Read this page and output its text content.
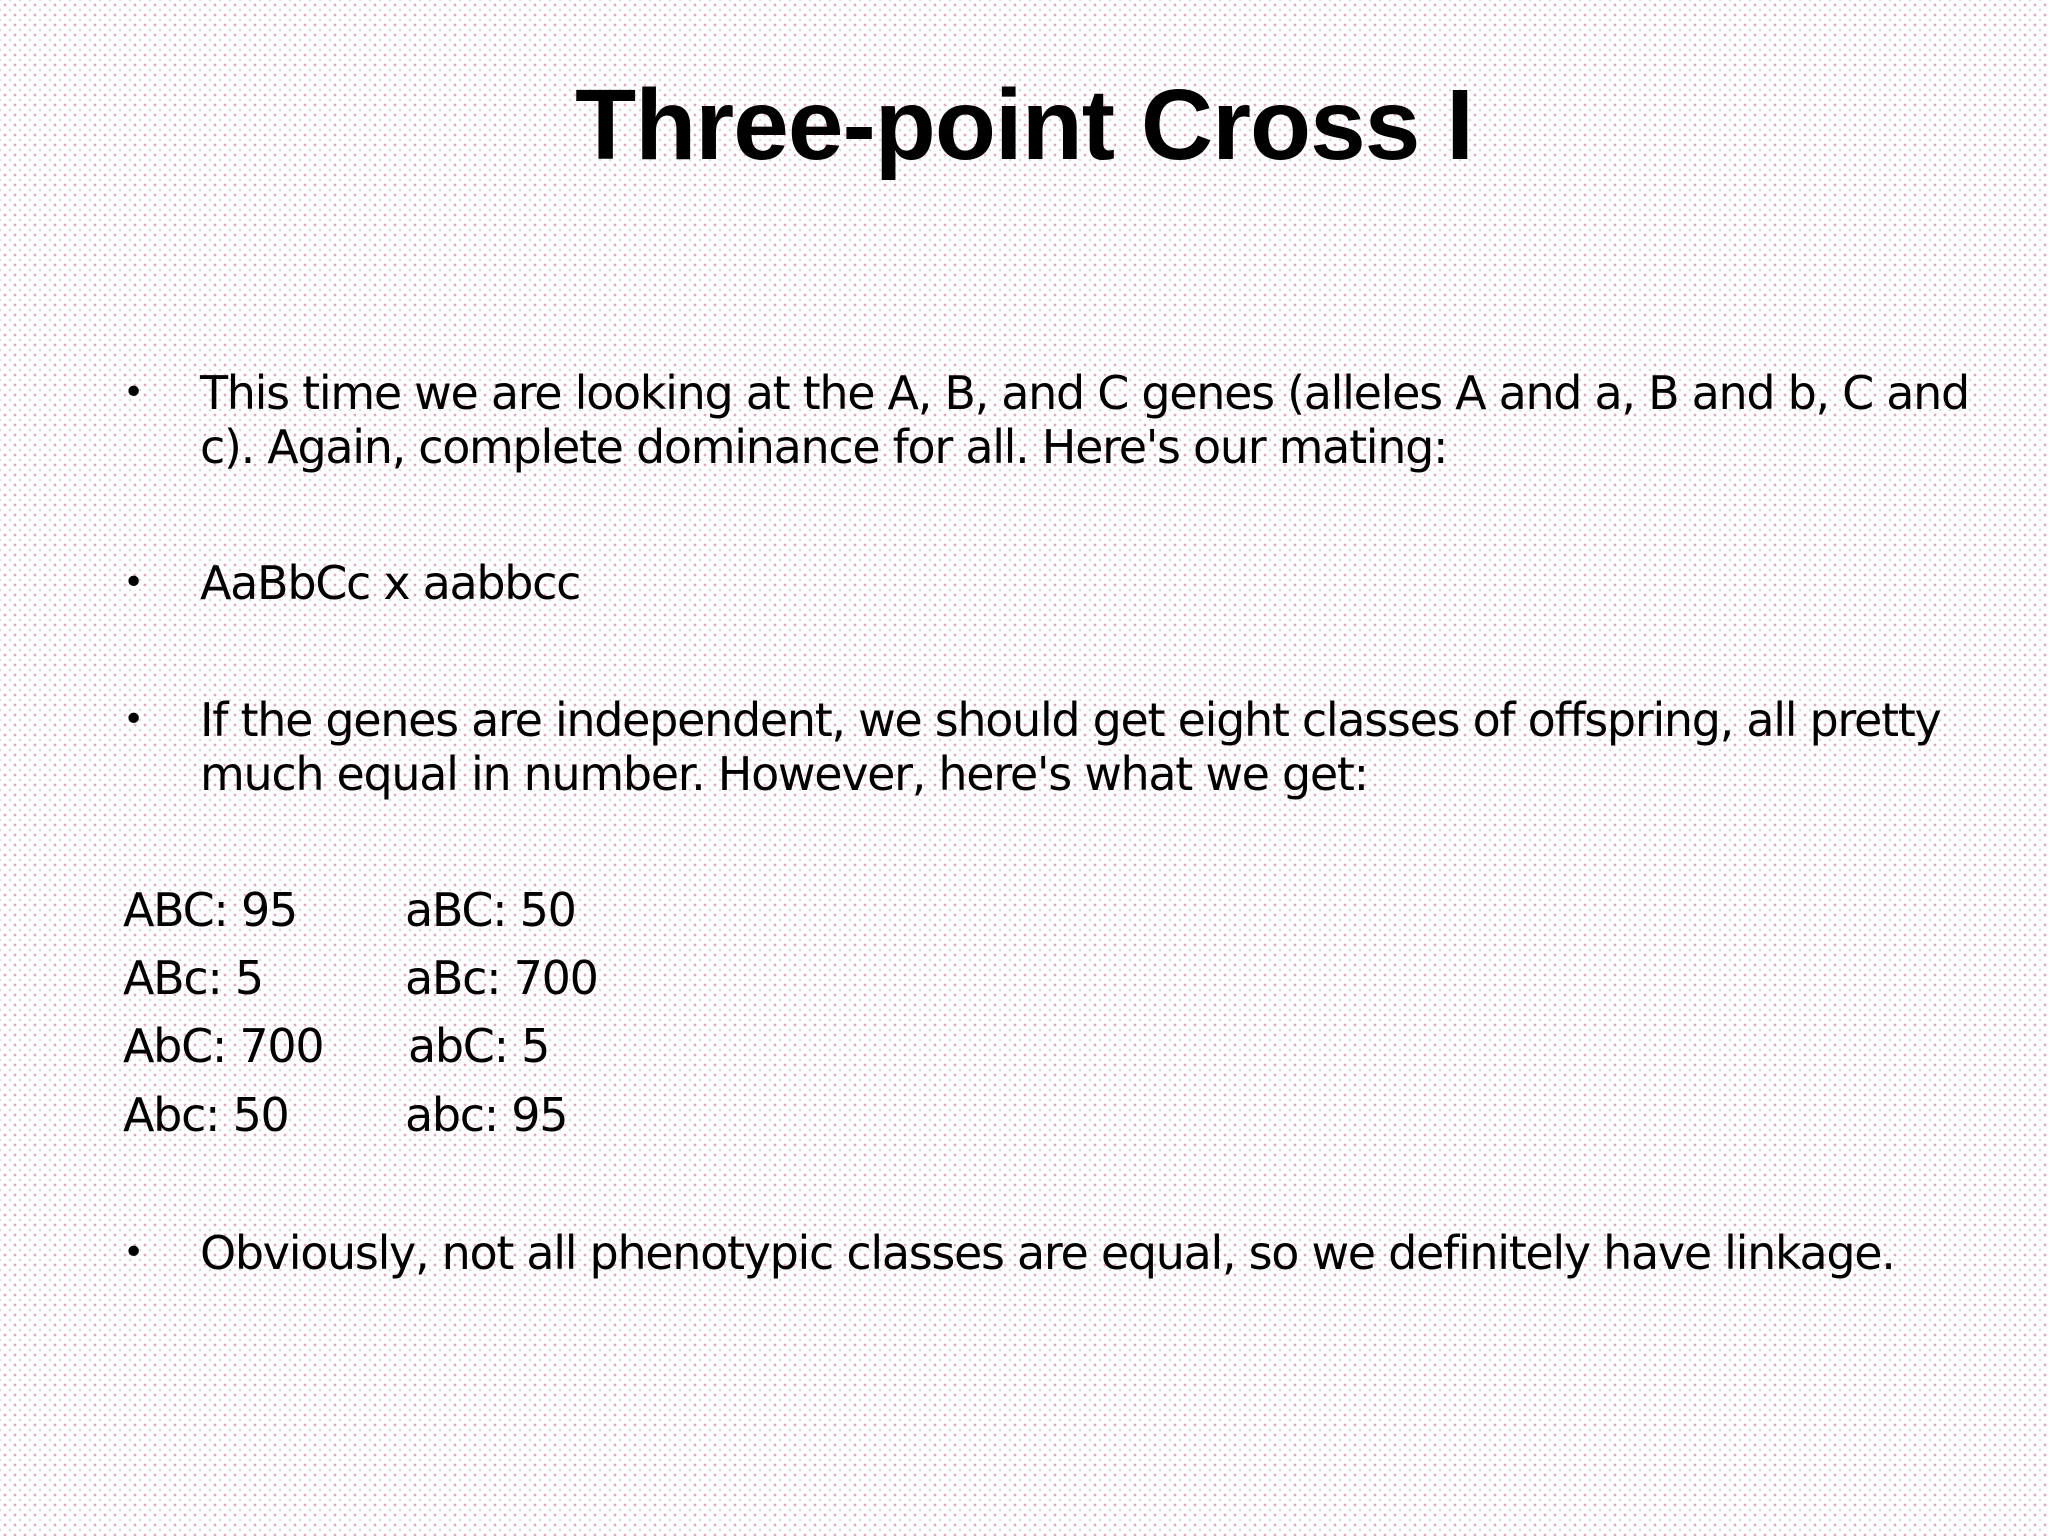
Three-point Cross I
•	This time we are looking at the A, B, and C genes (alleles A and a, B and b, C and c). Again, complete dominance for all. Here's our mating:
•	AaBbCc x aabbcc
•	If the genes are independent, we should get eight classes of offspring, all pretty much equal in number. However, here's what we get:
ABC: 95 aBC: 50
ABc: 5	aBc: 700
AbC: 700 abC: 5
Abc: 50	abc: 95
•	Obviously, not all phenotypic classes are equal, so we definitely have linkage.
